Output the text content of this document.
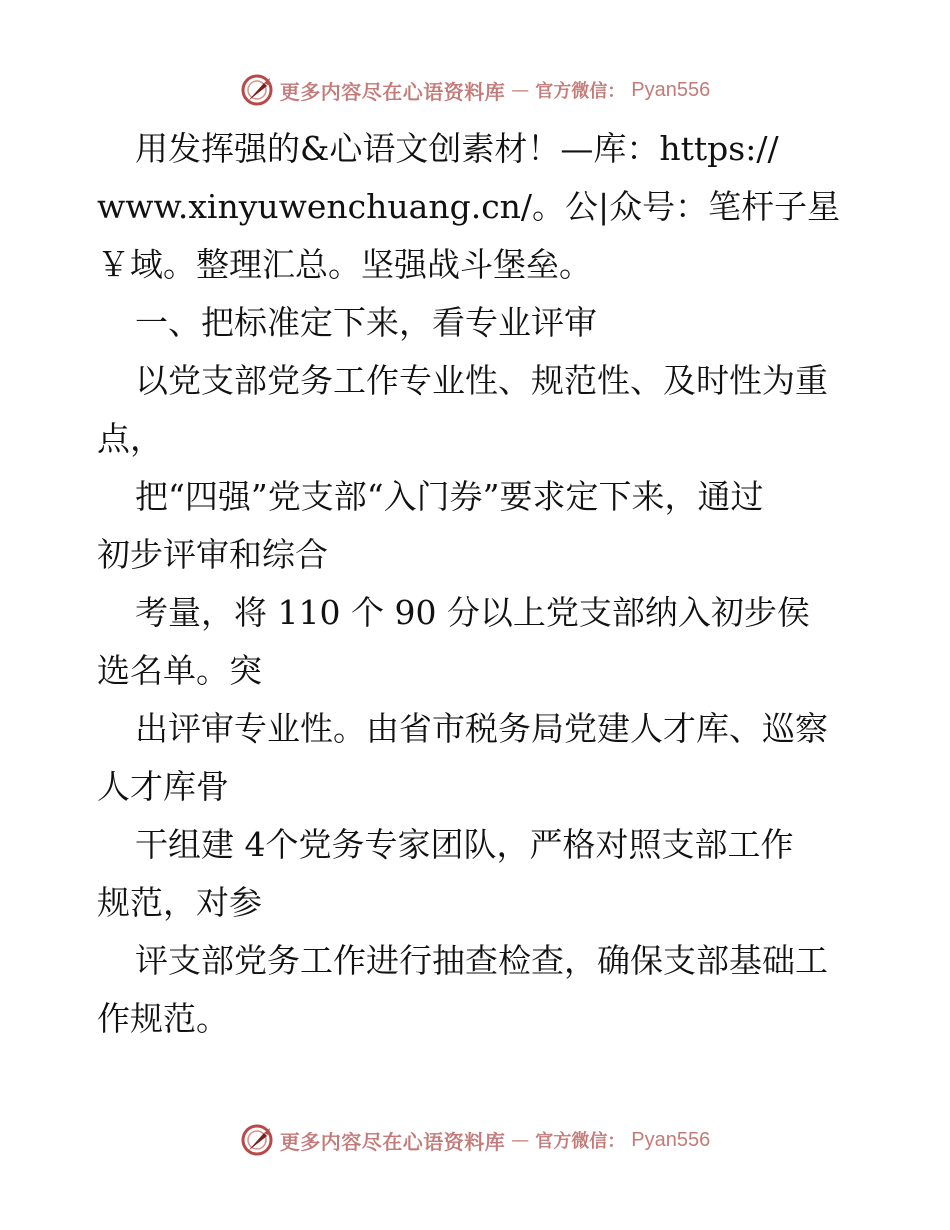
更多内容尽在心语资料库 — 官方微信： Pyan556
用发挥强的&心语文创素材！—库：https://
www.xinyuwenchuang.cn/。公|众号：笔杆子星
￥域。整理汇总。坚强战斗堡垒。
一、把标准定下来，看专业评审
以党支部党务工作专业性、规范性、及时性为重
点，
把“四强”党支部“入门券”要求定下来，通过
初步评审和综合
考量，将 110 个 90 分以上党支部纳入初步侯
选名单。突
出评审专业性。由省市税务局党建人才库、巡察
人才库骨
干组建 4个党务专家团队，严格对照支部工作
规范，对参
评支部党务工作进行抽查检查，确保支部基础工
作规范。
更多内容尽在心语资料库 — 官方微信： Pyan556
